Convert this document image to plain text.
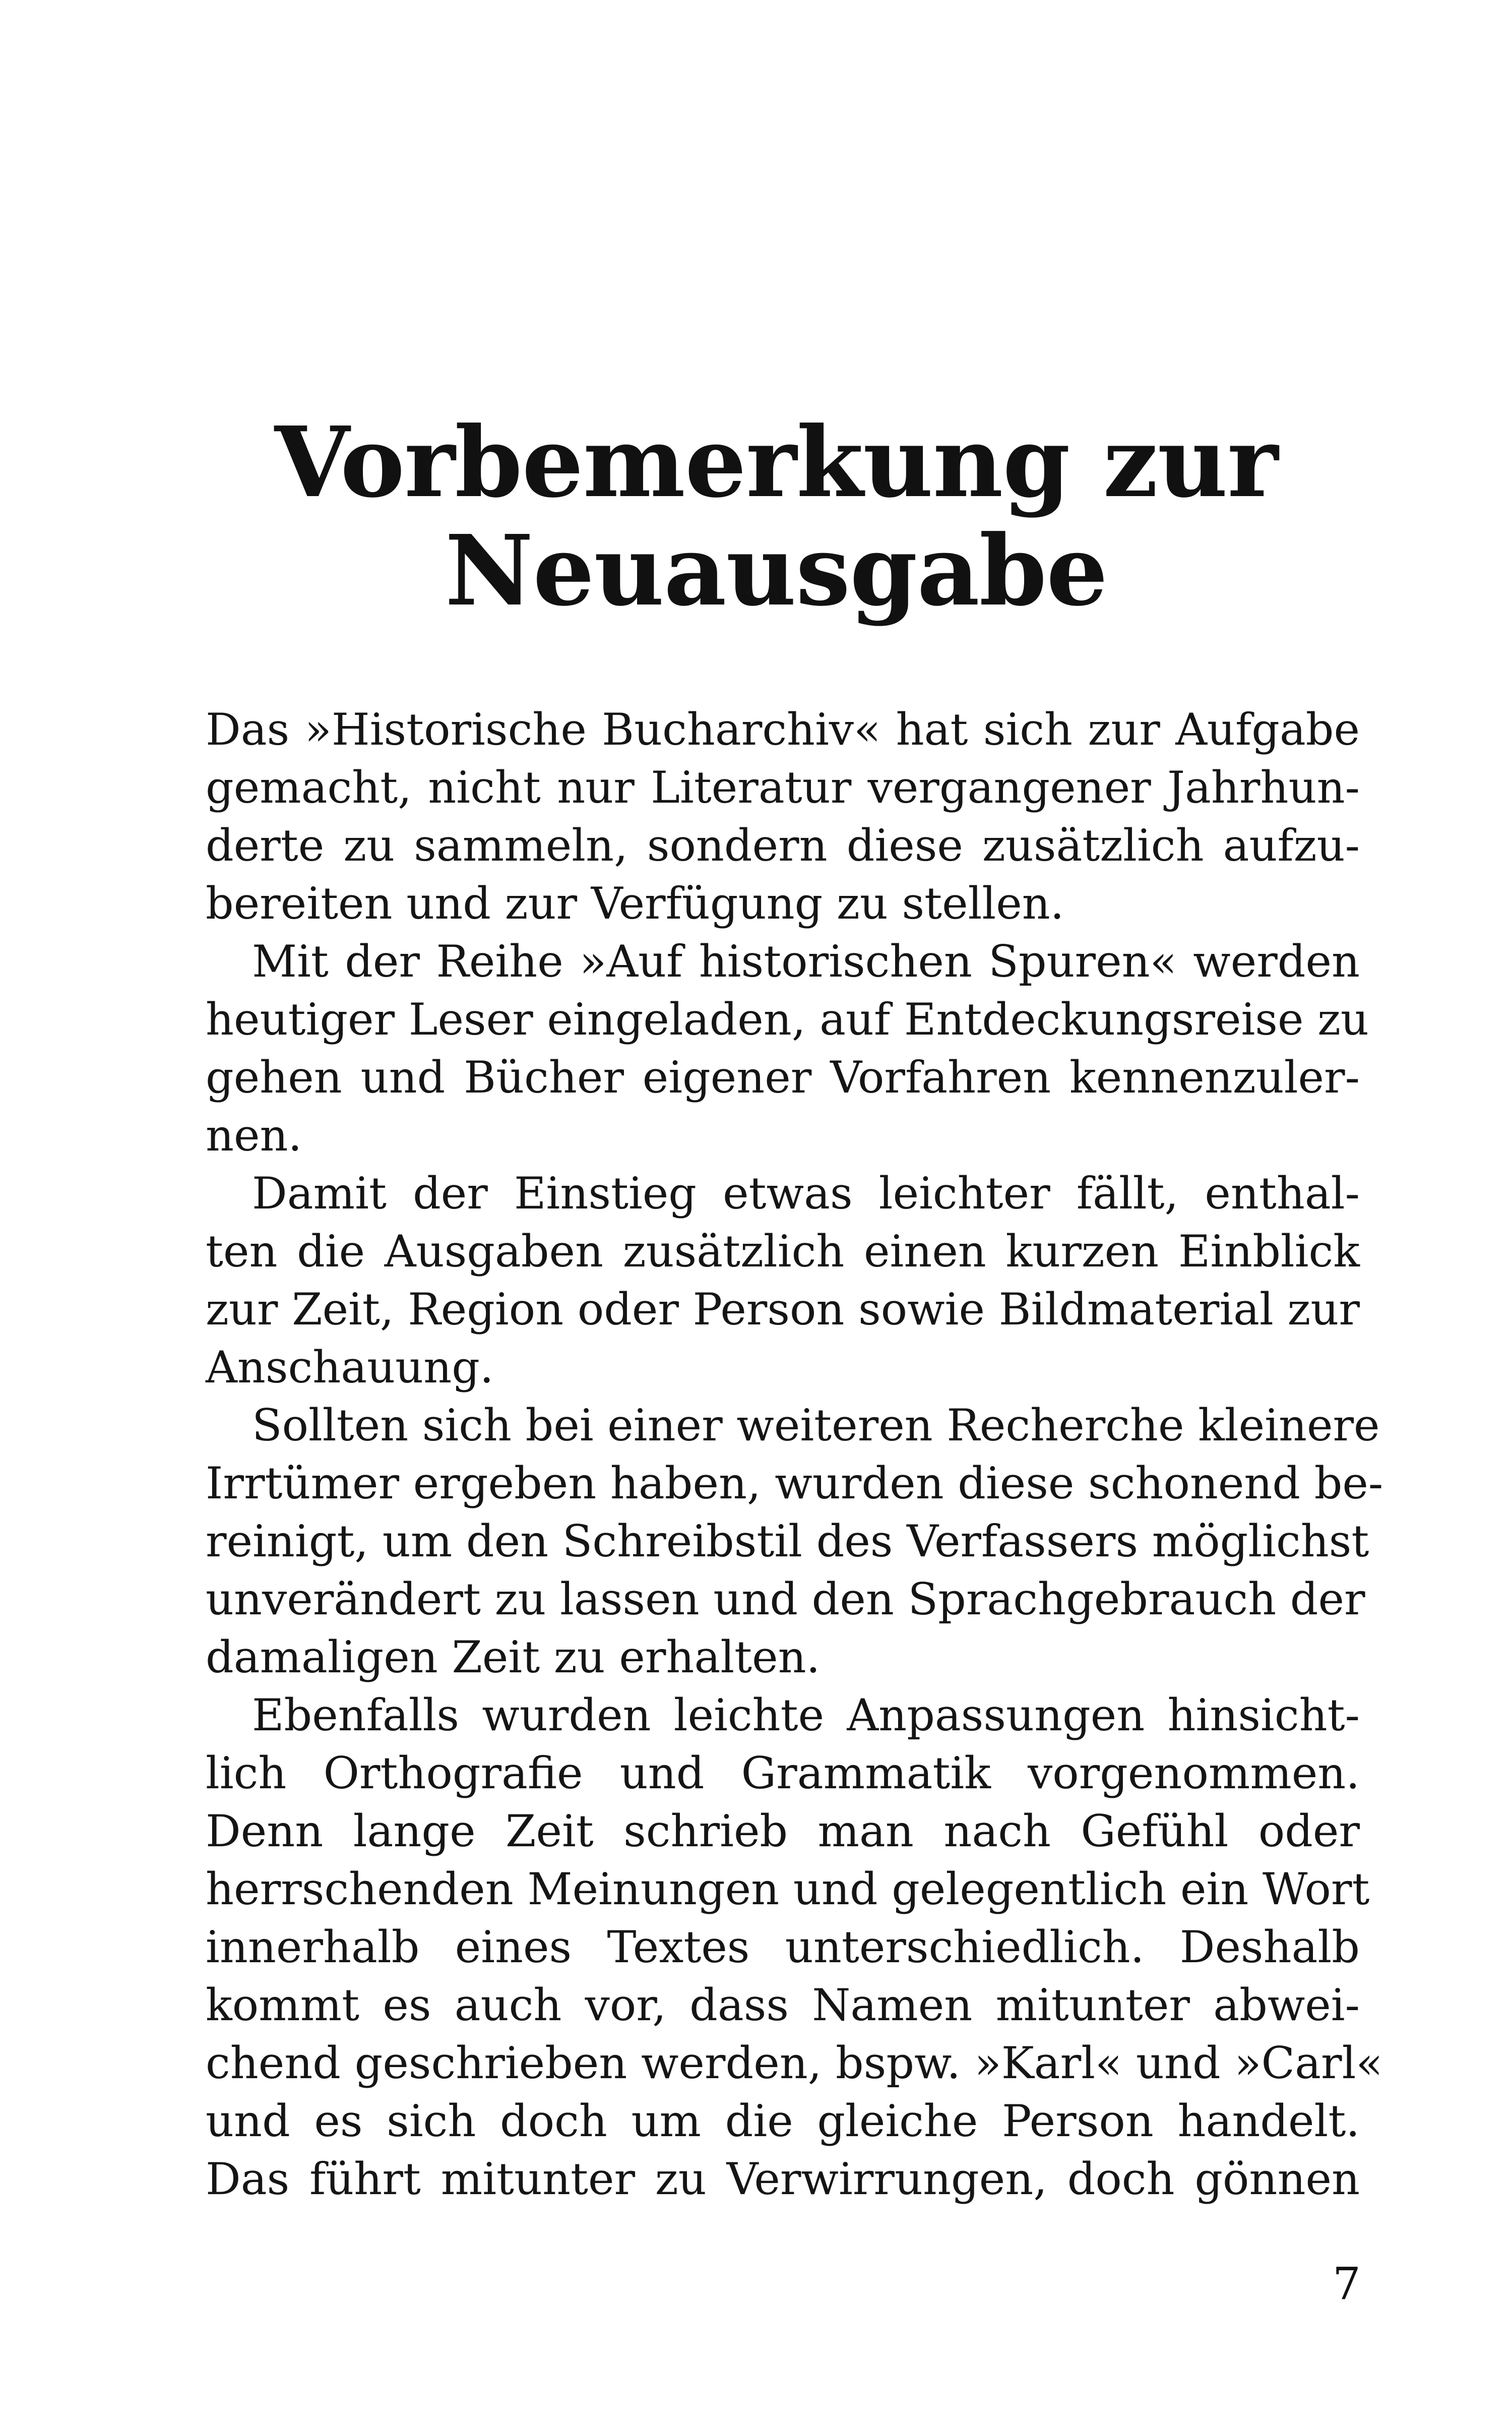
Vorbemerkung zur
Neuausgabe
Das »Historische Bucharchiv« hat sich zur Aufgabe
gemacht, nicht nur Literatur vergangener Jahrhun-
derte zu sammeln, sondern diese zusätzlich aufzu-
bereiten und zur Verfügung zu stellen.
Mit der Reihe »Auf historischen Spuren« werden
heutiger Leser eingeladen, auf Entdeckungsreise zu
gehen und Bücher eigener Vorfahren kennenzuler-
nen.
Damit der Einstieg etwas leichter fällt, enthal-
ten die Ausgaben zusätzlich einen kurzen Einblick
zur Zeit, Region oder Person sowie Bildmaterial zur
Anschauung.
Sollten sich bei einer weiteren Recherche kleinere
Irrtümer ergeben haben, wurden diese schonend be-
reinigt, um den Schreibstil des Verfassers möglichst
unverändert zu lassen und den Sprachgebrauch der
damaligen Zeit zu erhalten.
Ebenfalls wurden leichte Anpassungen hinsicht-
lich Orthografie und Grammatik vorgenommen.
Denn lange Zeit schrieb man nach Gefühl oder
herrschenden Meinungen und gelegentlich ein Wort
innerhalb eines Textes unterschiedlich. Deshalb
kommt es auch vor, dass Namen mitunter abwei-
chend geschrieben werden, bspw. »Karl« und »Carl«
und es sich doch um die gleiche Person handelt.
Das führt mitunter zu Verwirrungen, doch gönnen
7
